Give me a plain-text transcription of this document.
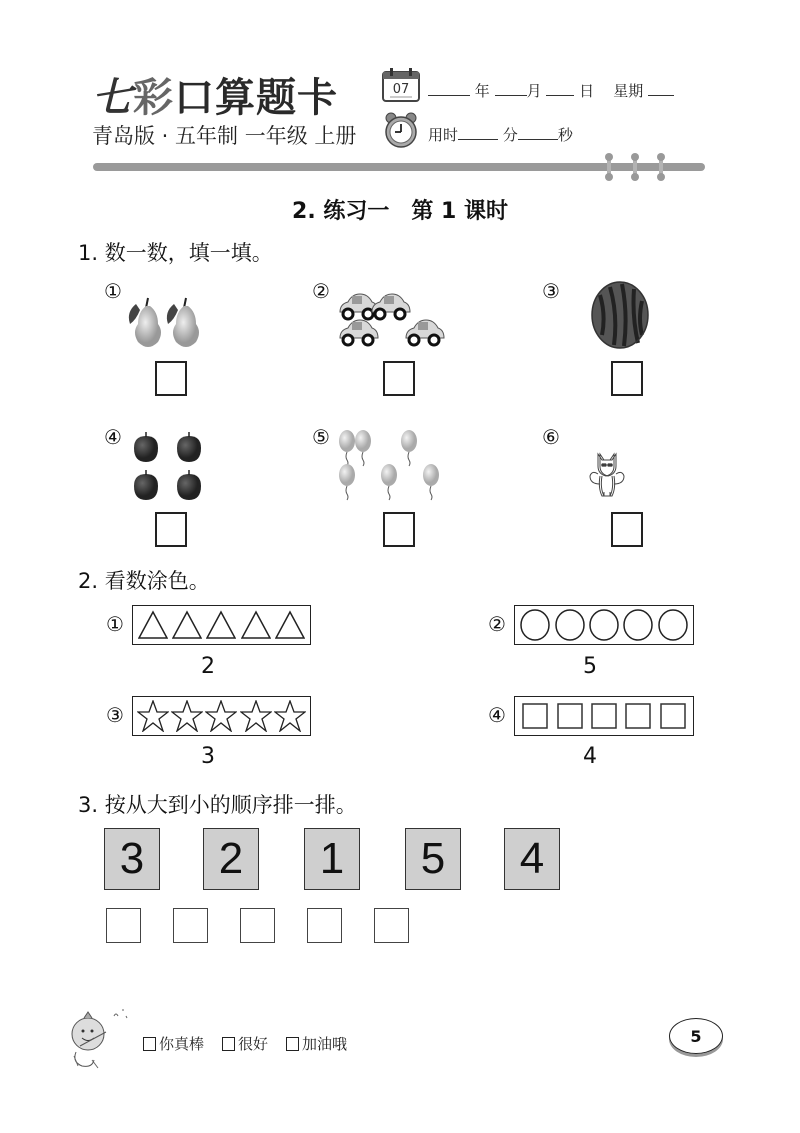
七彩口算题卡	07	年 月	日 星期
青岛版 · 五年制 一年级 上册	用时	分	秒
2. 练习一　第 1 课时
1. 数一数，填一填。
①	②	③
④	⑤	⑥
2. 看数涂色。
①
2
②
5
③
3
④
4
3. 按从大到小的顺序排一排。
3	2	1	5	4
你真棒 很好 加油哦	5
